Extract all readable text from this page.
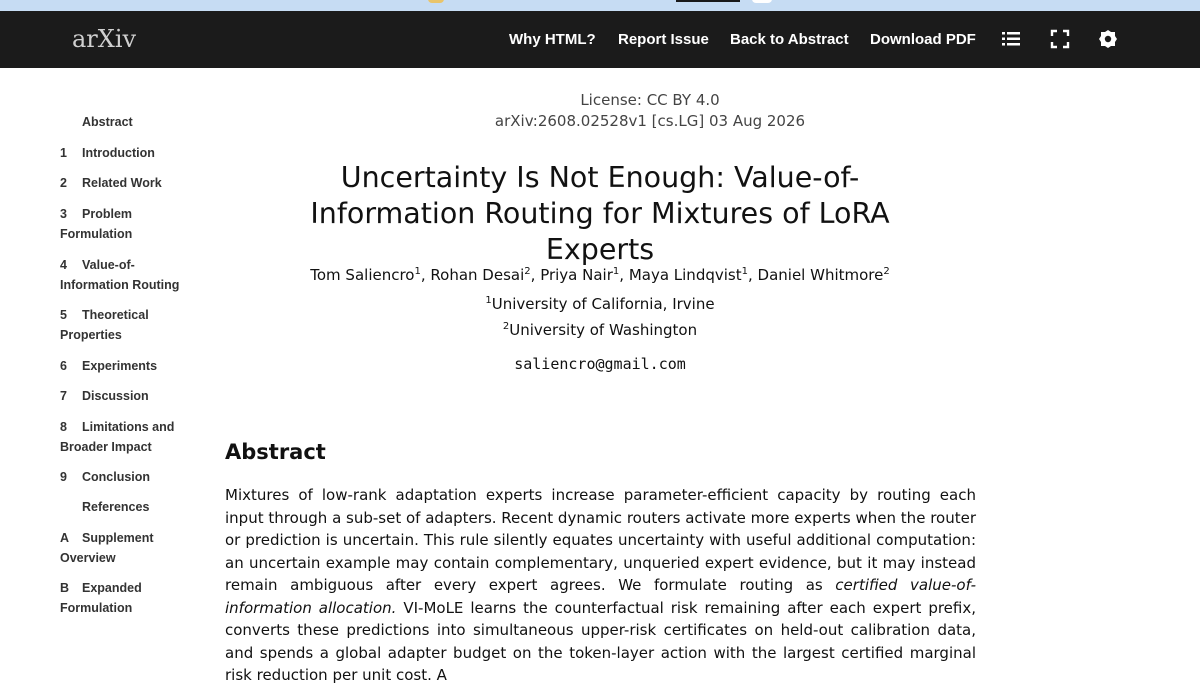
arXiv	Why HTML? Report Issue Back to Abstract Download PDF
Abstract
1 Introduction
2 Related Work
3 Problem Formulation
4 Value-of-Information Routing
5 Theoretical Properties
6 Experiments
7 Discussion
8 Limitations and Broader Impact
9 Conclusion
References
A Supplement Overview
B Expanded Formulation
License: CC BY 4.0
arXiv:2608.02528v1 [cs.LG] 03 Aug 2026
Uncertainty Is Not Enough: Value-of-Information Routing for Mixtures of LoRA Experts
Tom Saliencro$^1$, Rohan Desai$^2$, Priya Nair$^1$, Maya Lindqvist$^1$, Daniel Whitmore$^2$
$^1$University of California, Irvine
$^2$University of Washington
saliencro@gmail.com
Abstract
Mixtures of low-rank adaptation experts increase parameter-efficient capacity by routing each input through a sub-set of adapters. Recent dynamic routers activate more experts when the router or prediction is uncertain. This rule silently equates uncertainty with useful additional computation: an uncertain example may contain complementary, unqueried expert evidence, but it may instead remain ambiguous after every expert agrees. We formulate routing as certified value-of-information allocation. VI-MoLE learns the counterfactual risk remaining after each expert prefix, converts these predictions into simultaneous upper-risk certificates on held-out calibration data, and spends a global adapter budget on the token-layer action with the largest certified marginal risk reduction per unit cost. A
